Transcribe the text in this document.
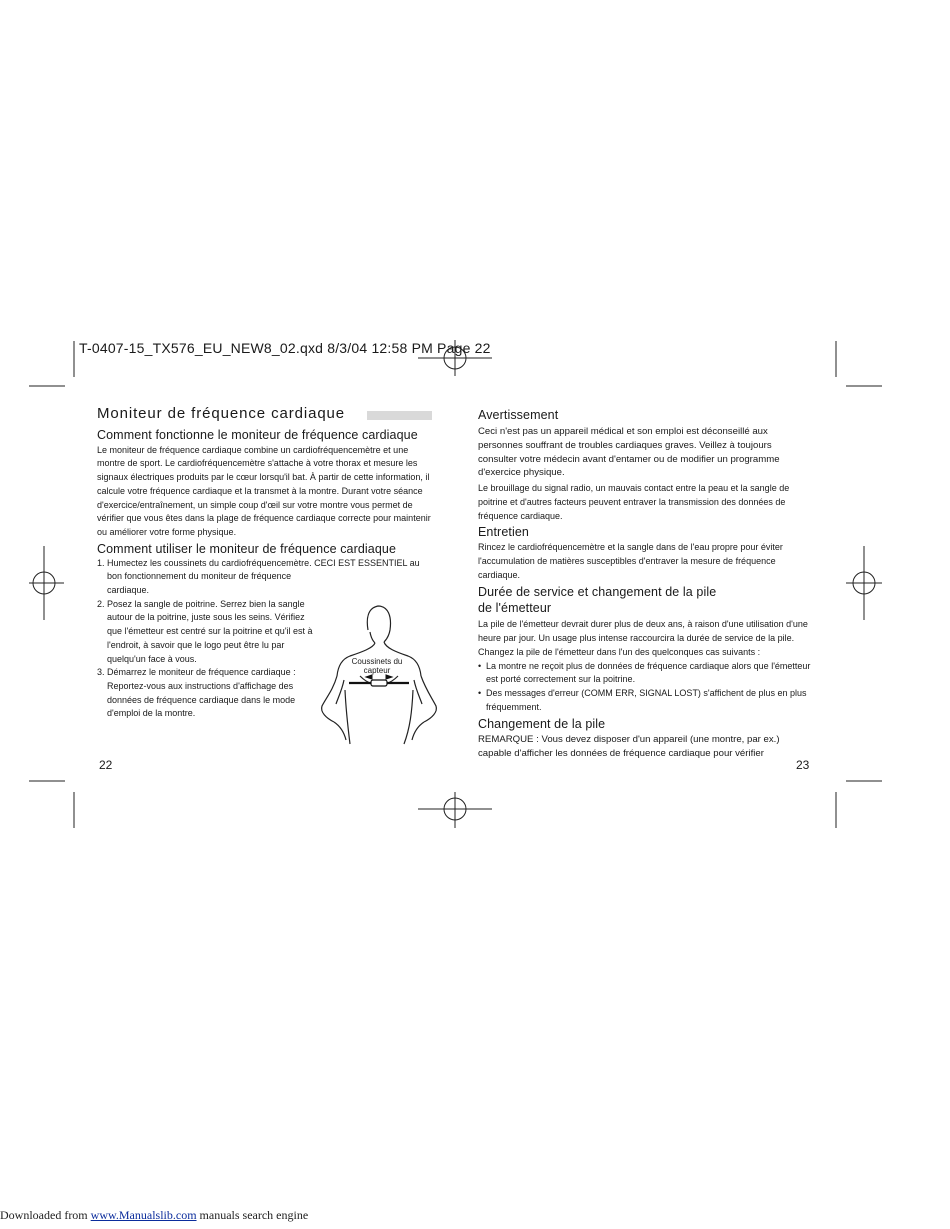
T-0407-15_TX576_EU_NEW8_02.qxd 8/3/04 12:58 PM Page 22
Moniteur de fréquence cardiaque
Comment fonctionne le moniteur de fréquence cardiaque

Le moniteur de fréquence cardiaque combine un cardiofréquencemètre et une montre de sport. Le cardiofréquencemètre s'attache à votre thorax et mesure les signaux électriques produits par le cœur lorsqu'il bat. À partir de cette information, il calcule votre fréquence cardiaque et la transmet à la montre. Durant votre séance d'exercice/entraînement, un simple coup d'œil sur votre montre vous permet de vérifier que vous êtes dans la plage de fréquence cardiaque correcte pour maintenir ou améliorer votre forme physique.

Comment utiliser le moniteur de fréquence cardiaque
1. Humectez les coussinets du cardiofréquencemètre. CECI EST ESSENTIEL au
bon fonctionnement du moniteur de fréquence cardiaque.
2. Posez la sangle de poitrine. Serrez bien la sangle autour de la poitrine, juste sous les seins. Vérifiez que l'émetteur est centré sur la poitrine et qu'il est à l'endroit, à savoir que le logo peut être lu par quelqu'un face à vous.
3. Démarrez le moniteur de fréquence cardiaque : Reportez-vous aux instructions d'affichage des données de fréquence cardiaque dans le mode d'emploi de la montre.
Coussinets du capteur
22
Avertissement

Ceci n'est pas un appareil médical et son emploi est déconseillé aux personnes souffrant de troubles cardiaques graves. Veillez à toujours consulter votre médecin avant d'entamer ou de modifier un programme d'exercice physique.

Le brouillage du signal radio, un mauvais contact entre la peau et la sangle de poitrine et d'autres facteurs peuvent entraver la transmission des données de fréquence cardiaque.

Entretien

Rincez le cardiofréquencemètre et la sangle dans de l'eau propre pour éviter l'accumulation de matières susceptibles d'entraver la mesure de fréquence cardiaque.

Durée de service et changement de la pile
de l'émetteur

La pile de l'émetteur devrait durer plus de deux ans, à raison d'une utilisation d'une heure par jour. Un usage plus intense raccourcira la durée de service de la pile. Changez la pile de l'émetteur dans l'un des quelconques cas suivants :

• La montre ne reçoit plus de données de fréquence cardiaque alors que l'émetteur est porté correctement sur la poitrine.
• Des messages d'erreur (COMM ERR, SIGNAL LOST) s'affichent de plus en plus fréquemment.
Changement de la pile

REMARQUE : Vous devez disposer d'un appareil (une montre, par ex.) capable d'afficher les données de fréquence cardiaque pour vérifier

23
Downloaded from www.Manualslib.com manuals search engine
